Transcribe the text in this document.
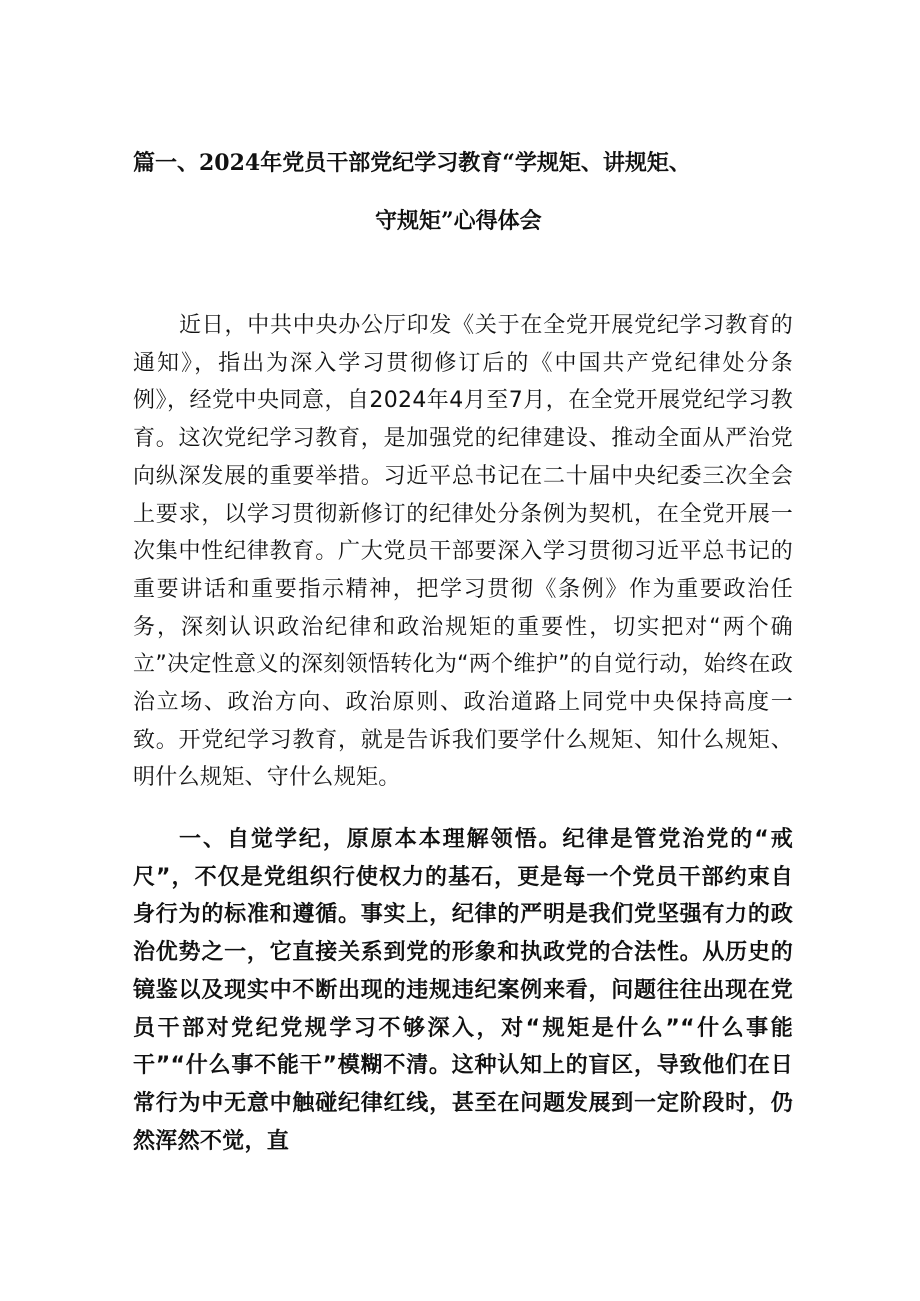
篇一、2024年党员干部党纪学习教育“学规矩、讲规矩、
守规矩”心得体会

近日，中共中央办公厅印发《关于在全党开展党纪学习教育的通知》，指出为深入学习贯彻修订后的《中国共产党纪律处分条例》，经党中央同意，自2024年4月至7月，在全党开展党纪学习教育。这次党纪学习教育，是加强党的纪律建设、推动全面从严治党向纵深发展的重要举措。习近平总书记在二十届中央纪委三次全会上要求，以学习贯彻新修订的纪律处分条例为契机，在全党开展一次集中性纪律教育。广大党员干部要深入学习贯彻习近平总书记的重要讲话和重要指示精神，把学习贯彻《条例》作为重要政治任务，深刻认识政治纪律和政治规矩的重要性，切实把对“两个确立”决定性意义的深刻领悟转化为“两个维护”的自觉行动，始终在政治立场、政治方向、政治原则、政治道路上同党中央保持高度一致。开党纪学习教育，就是告诉我们要学什么规矩、知什么规矩、明什么规矩、守什么规矩。

一、自觉学纪，原原本本理解领悟。纪律是管党治党的“戒尺”，不仅是党组织行使权力的基石，更是每一个党员干部约束自身行为的标准和遵循。事实上，纪律的严明是我们党坚强有力的政治优势之一，它直接关系到党的形象和执政党的合法性。从历史的镜鉴以及现实中不断出现的违规违纪案例来看，问题往往出现在党员干部对党纪党规学习不够深入，对“规矩是什么”“什么事能干”“什么事不能干”模糊不清。这种认知上的盲区，导致他们在日常行为中无意中触碰纪律红线，甚至在问题发展到一定阶段时，仍然浑然不觉，直
